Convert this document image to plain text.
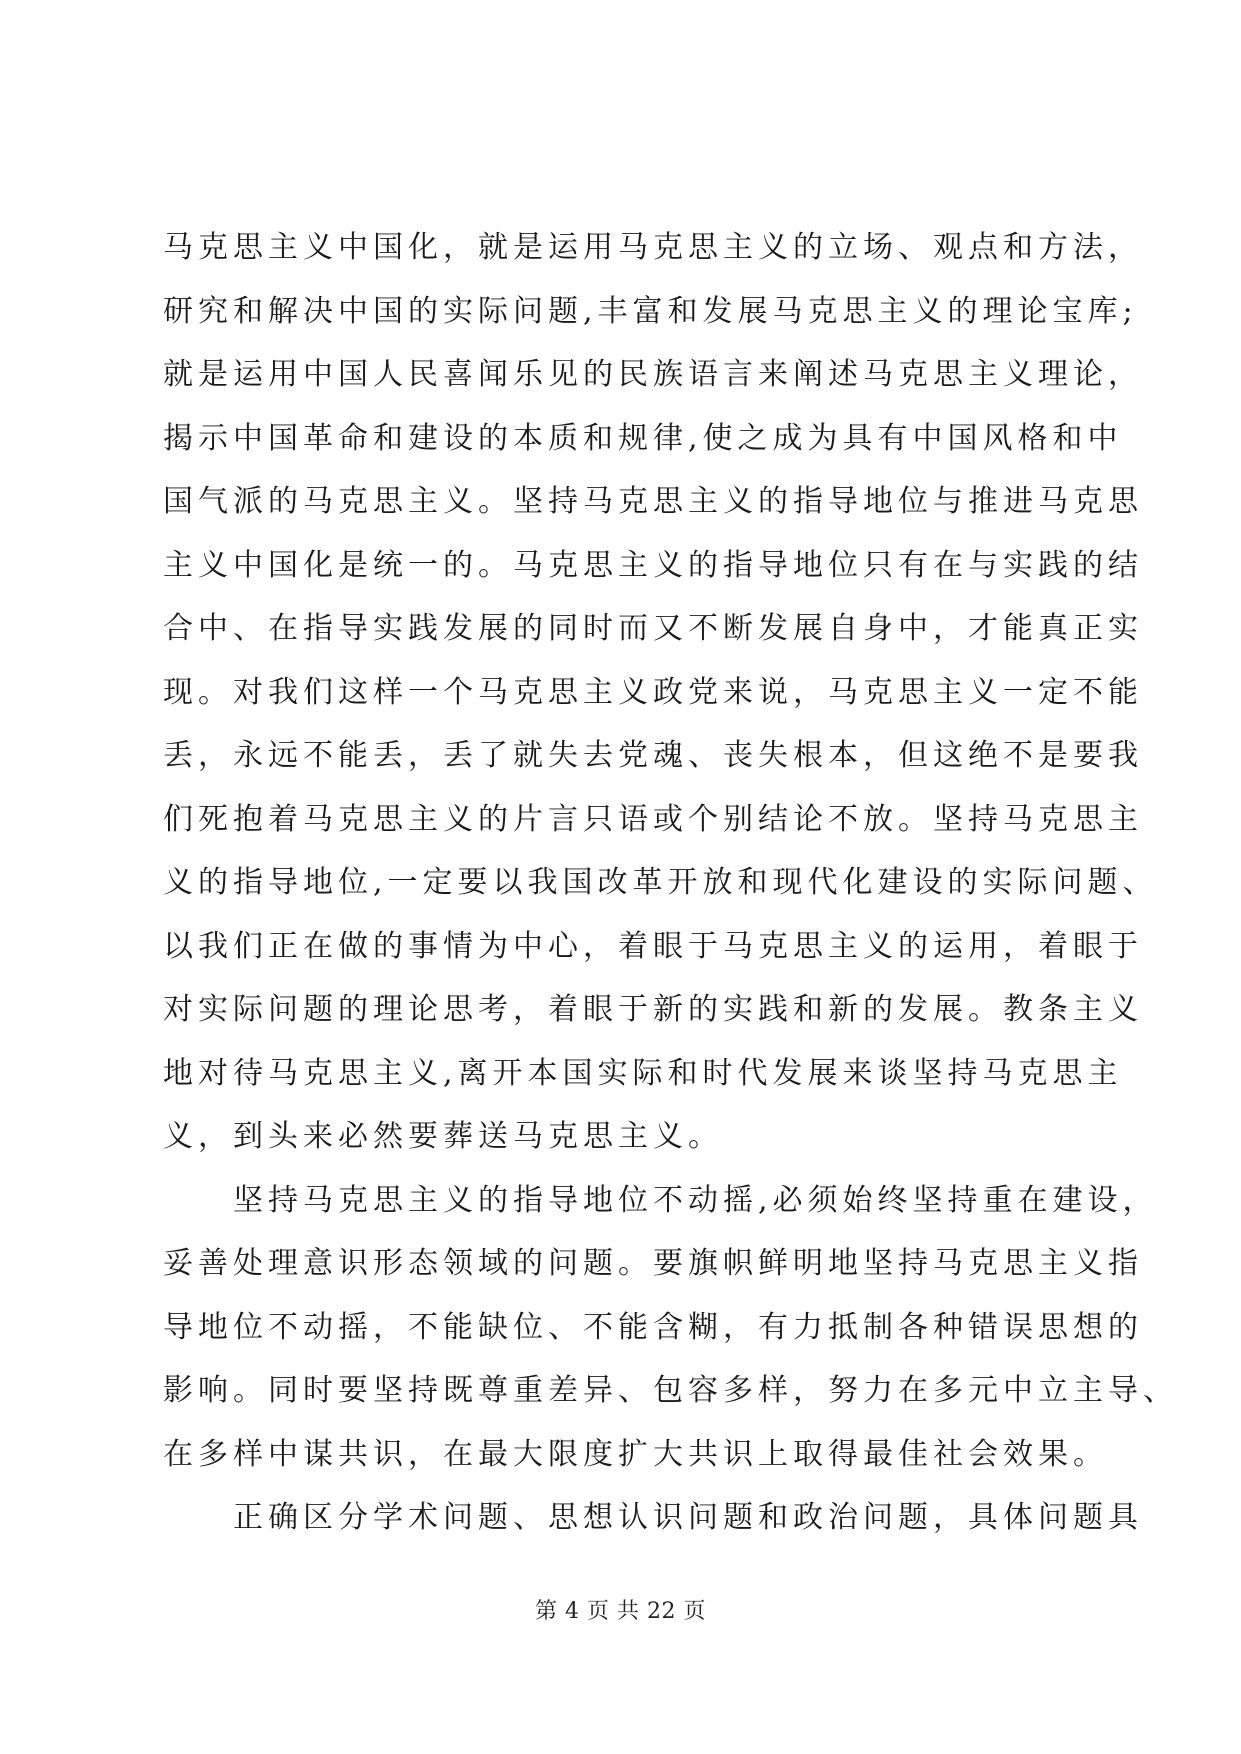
马克思主义中国化，就是运用马克思主义的立场、观点和方法，
研究和解决中国的实际问题,丰富和发展马克思主义的理论宝库;
就是运用中国人民喜闻乐见的民族语言来阐述马克思主义理论，
揭示中国革命和建设的本质和规律,使之成为具有中国风格和中
国气派的马克思主义。坚持马克思主义的指导地位与推进马克思
主义中国化是统一的。马克思主义的指导地位只有在与实践的结
合中、在指导实践发展的同时而又不断发展自身中，才能真正实
现。对我们这样一个马克思主义政党来说，马克思主义一定不能
丢，永远不能丢，丢了就失去党魂、丧失根本，但这绝不是要我
们死抱着马克思主义的片言只语或个别结论不放。坚持马克思主
义的指导地位,一定要以我国改革开放和现代化建设的实际问题、
以我们正在做的事情为中心，着眼于马克思主义的运用，着眼于
对实际问题的理论思考，着眼于新的实践和新的发展。教条主义
地对待马克思主义,离开本国实际和时代发展来谈坚持马克思主
义，到头来必然要葬送马克思主义。
　　坚持马克思主义的指导地位不动摇,必须始终坚持重在建设，
妥善处理意识形态领域的问题。要旗帜鲜明地坚持马克思主义指
导地位不动摇，不能缺位、不能含糊，有力抵制各种错误思想的
影响。同时要坚持既尊重差异、包容多样，努力在多元中立主导、
在多样中谋共识，在最大限度扩大共识上取得最佳社会效果。
　　正确区分学术问题、思想认识问题和政治问题，具体问题具
第 4 页 共 22 页
